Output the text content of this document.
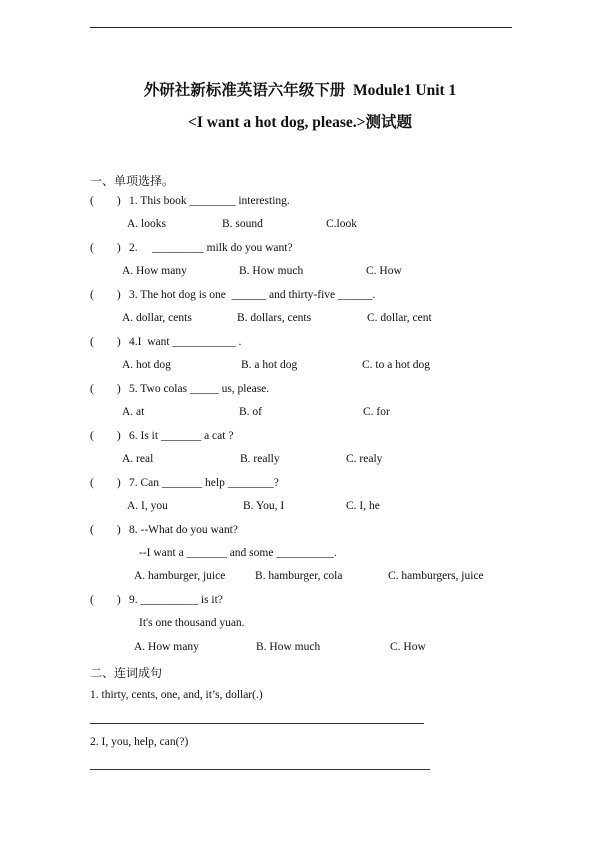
外研社新标准英语六年级下册  Module1 Unit 1
<I want a hot dog, please.>测试题
一、单项选择。
(        ) 1. This book ________ interesting.
A. looks	B. sound	C.look
(        ) 2.     _________ milk do you want?
A. How many	B. How much	C. How
(        ) 3. The hot dog is one  ______ and thirty-five ______.
A. dollar, cents	B. dollars, cents	C. dollar, cent
(        ) 4.I  want ___________ .
A. hot dog	B. a hot dog	C. to a hot dog
(        ) 5. Two colas _____ us, please.
A. at	B. of	C. for
(        ) 6. Is it _______ a cat ?
A. real	B. really	C. realy
(        ) 7. Can _______ help ________?
A. I, you	B. You, I	C. I, he
(        ) 8. --What do you want?
--I want a _______ and some __________.
A. hamburger, juice	B. hamburger, cola	C. hamburgers, juice
(        ) 9. __________ is it?
It's one thousand yuan.
A. How many	B. How much	C. How
二、连词成句
1. thirty, cents, one, and, it’s, dollar(.)
2. I, you, help, can(?)
